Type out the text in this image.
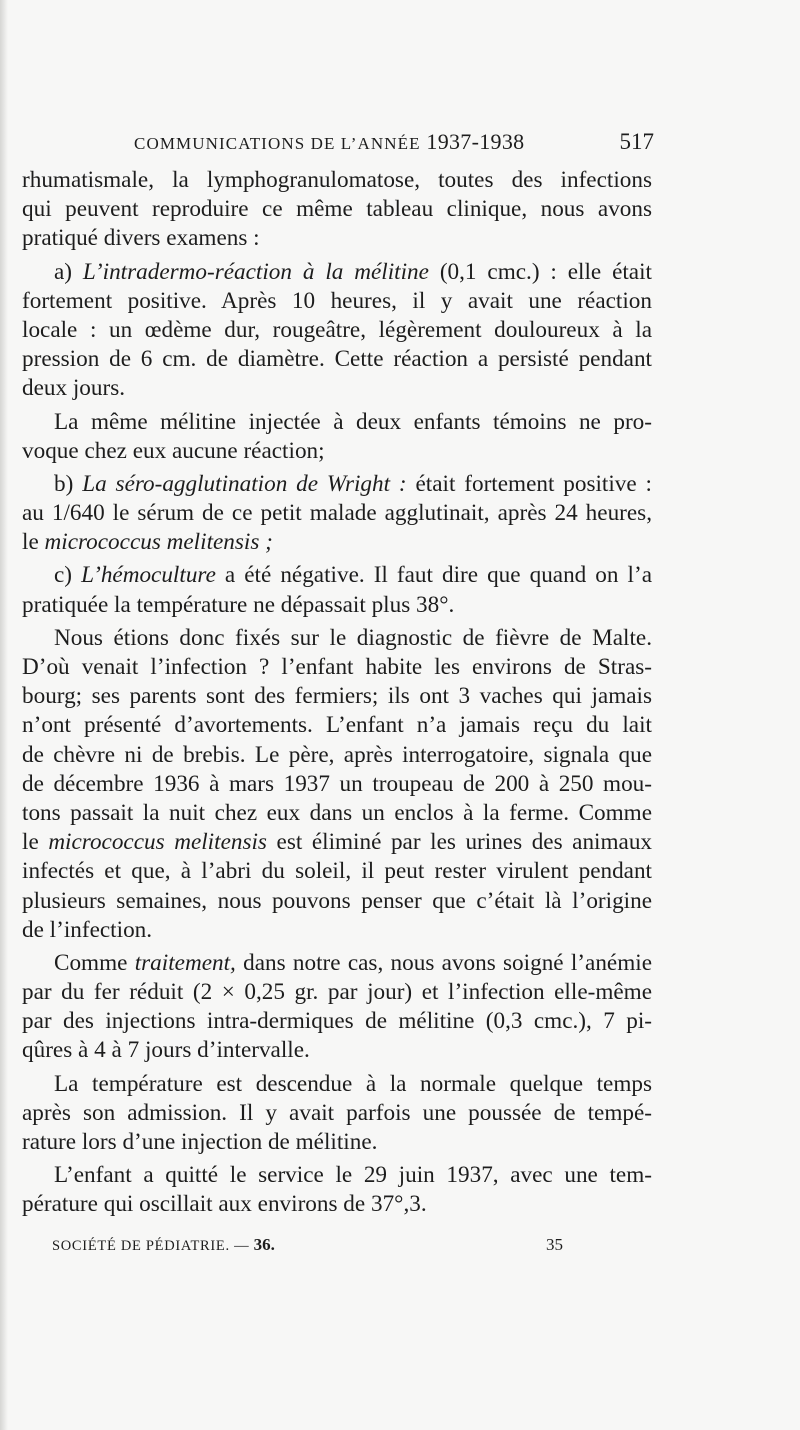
COMMUNICATIONS DE L’ANNÉE 1937-1938	517
rhumatismale, la lymphogranulomatose, toutes des infections
qui peuvent reproduire ce même tableau clinique, nous avons
pratiqué divers examens :
a) L’intradermo-réaction à la mélitine (0,1 cmc.) : elle était
fortement positive. Après 10 heures, il y avait une réaction
locale : un œdème dur, rougeâtre, légèrement douloureux à la
pression de 6 cm. de diamètre. Cette réaction a persisté pendant
deux jours.
La même mélitine injectée à deux enfants témoins ne pro-
voque chez eux aucune réaction;
b) La séro-agglutination de Wright : était fortement positive :
au 1/640 le sérum de ce petit malade agglutinait, après 24 heures,
le micrococcus melitensis ;
c) L’hémoculture a été négative. Il faut dire que quand on l’a
pratiquée la température ne dépassait plus 38°.
Nous étions donc fixés sur le diagnostic de fièvre de Malte.
D’où venait l’infection ? l’enfant habite les environs de Stras-
bourg; ses parents sont des fermiers; ils ont 3 vaches qui jamais
n’ont présenté d’avortements. L’enfant n’a jamais reçu du lait
de chèvre ni de brebis. Le père, après interrogatoire, signala que
de décembre 1936 à mars 1937 un troupeau de 200 à 250 mou-
tons passait la nuit chez eux dans un enclos à la ferme. Comme
le micrococcus melitensis est éliminé par les urines des animaux
infectés et que, à l’abri du soleil, il peut rester virulent pendant
plusieurs semaines, nous pouvons penser que c’était là l’origine
de l’infection.
Comme traitement, dans notre cas, nous avons soigné l’anémie
par du fer réduit (2 × 0,25 gr. par jour) et l’infection elle-même
par des injections intra-dermiques de mélitine (0,3 cmc.), 7 pi-
qûres à 4 à 7 jours d’intervalle.
La température est descendue à la normale quelque temps
après son admission. Il y avait parfois une poussée de tempé-
rature lors d’une injection de mélitine.
L’enfant a quitté le service le 29 juin 1937, avec une tem-
pérature qui oscillait aux environs de 37°,3.
SOCIÉTÉ DE PÉDIATRIE. — 36.	35
